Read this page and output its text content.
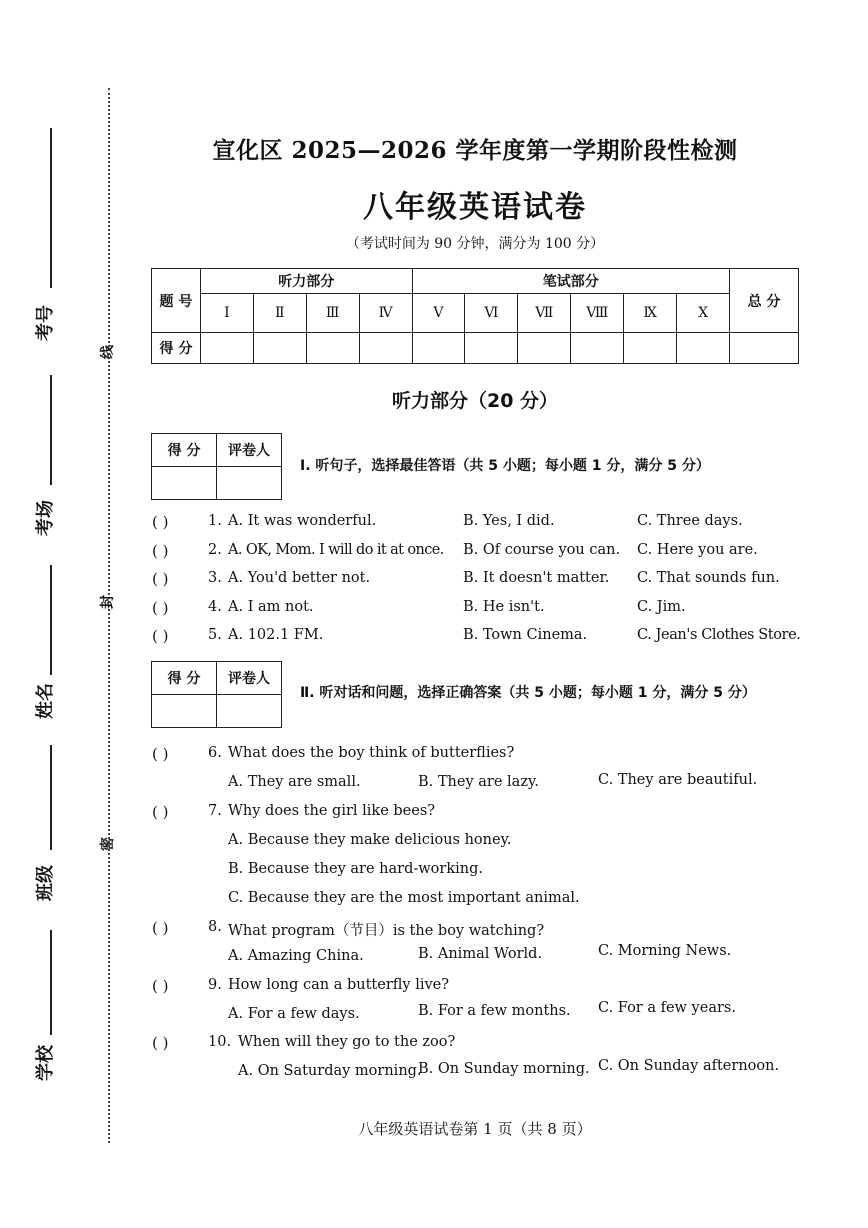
考号
考场
姓名
班级
学校
线
封
密
宣化区 2025—2026 学年度第一学期阶段性检测
八年级英语试卷
（考试时间为 90 分钟，满分为 100 分）
题 号	听力部分				笔试部分						总 分
	Ⅰ	Ⅱ	Ⅲ	Ⅳ	Ⅴ	Ⅵ	Ⅶ	Ⅷ	Ⅸ	Ⅹ	
得 分											
听力部分（20 分）
得 分	评卷人

Ⅰ. 听句子，选择最佳答语（共 5 小题；每小题 1 分，满分 5 分）
( )	1. A. It was wonderful.	B. Yes, I did.	C. Three days.
( )	2. A. OK, Mom. I will do it at once. B. Of course you can. C. Here you are.
( )	3. A. You'd better not.	B. It doesn't matter. C. That sounds fun.
( )	4. A. I am not.	B. He isn't.	C. Jim.
( )	5. A. 102.1 FM.	B. Town Cinema.	C. Jean's Clothes Store.
得 分	评卷人

Ⅱ. 听对话和问题，选择正确答案（共 5 小题；每小题 1 分，满分 5 分）
( )	6. What does the boy think of butterflies?
A. They are small.	B. They are lazy.	C. They are beautiful.
( )	7. Why does the girl like bees?
A. Because they make delicious honey.
B. Because they are hard-working.
C. Because they are the most important animal.
( )	8. What program（节目）is the boy watching?
A. Amazing China.	B. Animal World.	C. Morning News.
( )	9. How long can a butterfly live?
A. For a few days.	B. For a few months. C. For a few years.
( )	10. When will they go to the zoo?
A. On Saturday morning.
B. On Sunday morning. C. On Sunday afternoon.
八年级英语试卷第 1 页（共 8 页）
